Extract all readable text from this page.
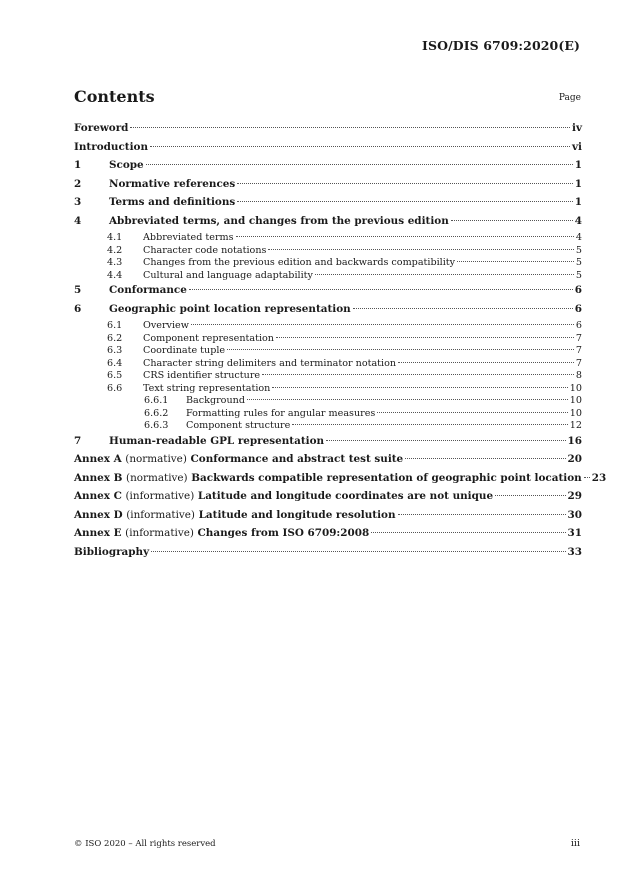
ISO/DIS 6709:2020(E)
Contents	Page
Foreword	iv
Introduction	vi
1	Scope	1
2	Normative references	1
3	Terms and definitions	1
4	Abbreviated terms, and changes from the previous edition	4
4.1	Abbreviated terms	4
4.2	Character code notations	5
4.3	Changes from the previous edition and backwards compatibility	5
4.4	Cultural and language adaptability	5
5	Conformance	6
6	Geographic point location representation	6
6.1	Overview	6
6.2	Component representation	7
6.3	Coordinate tuple	7
6.4	Character string delimiters and terminator notation	7
6.5	CRS identifier structure	8
6.6	Text string representation	10
6.6.1	Background	10
6.6.2	Formatting rules for angular measures	10
6.6.3	Component structure	12
7	Human-readable GPL representation	16
Annex A (normative) Conformance and abstract test suite	20
Annex B (normative) Backwards compatible representation of geographic point location 23
Annex C (informative) Latitude and longitude coordinates are not unique	29
Annex D (informative) Latitude and longitude resolution	30
Annex E (informative) Changes from ISO 6709:2008	31
Bibliography	33
© ISO 2020 – All rights reserved	iii
